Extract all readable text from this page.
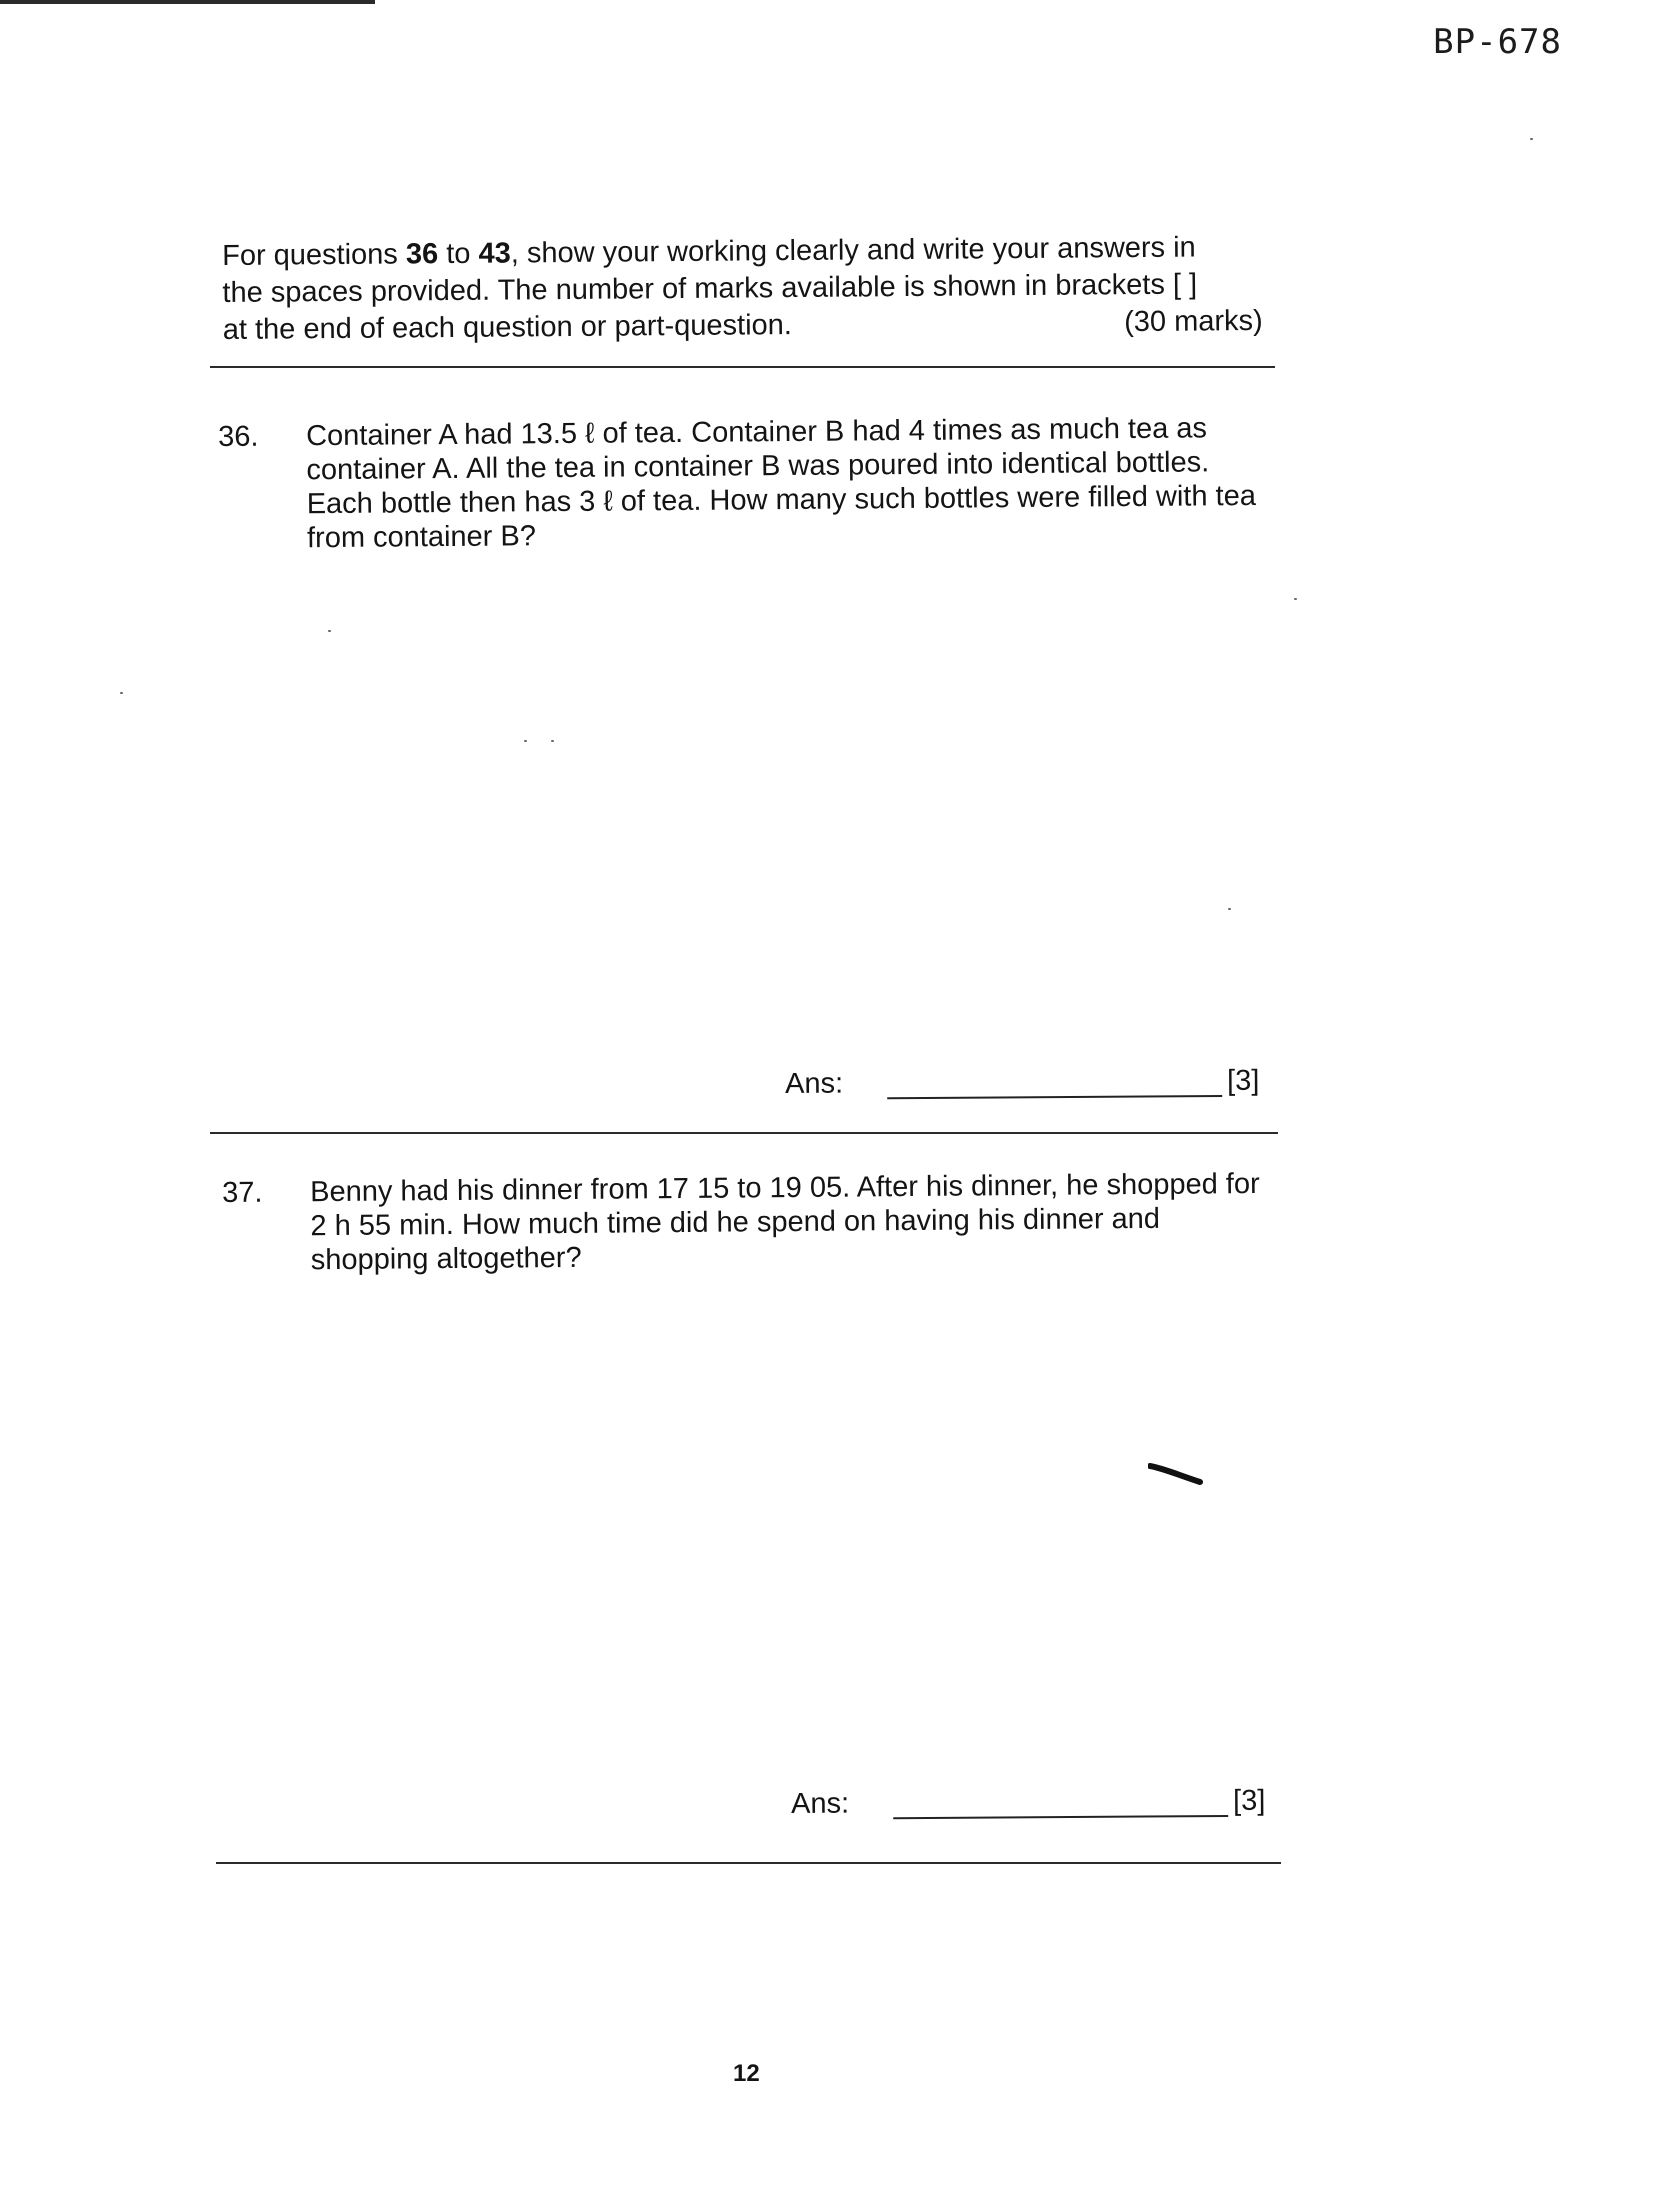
BP-678

For questions 36 to 43, show your working clearly and write your answers in

the spaces provided. The number of marks available is shown in brackets [ ]

at the end of each question or part-question.	(30 marks)

36. Container A had 13.5 ℓ of tea. Container B had 4 times as much tea as container A. All the tea in container B was poured into identical bottles. Each bottle then has 3 ℓ of tea. How many such bottles were filled with tea from container B?

Ans:	[3]
37. Benny had his dinner from 17 15 to 19 05. After his dinner, he shopped for 2 h 55 min. How much time did he spend on having his dinner and shopping altogether?

Ans:	[3]
12
